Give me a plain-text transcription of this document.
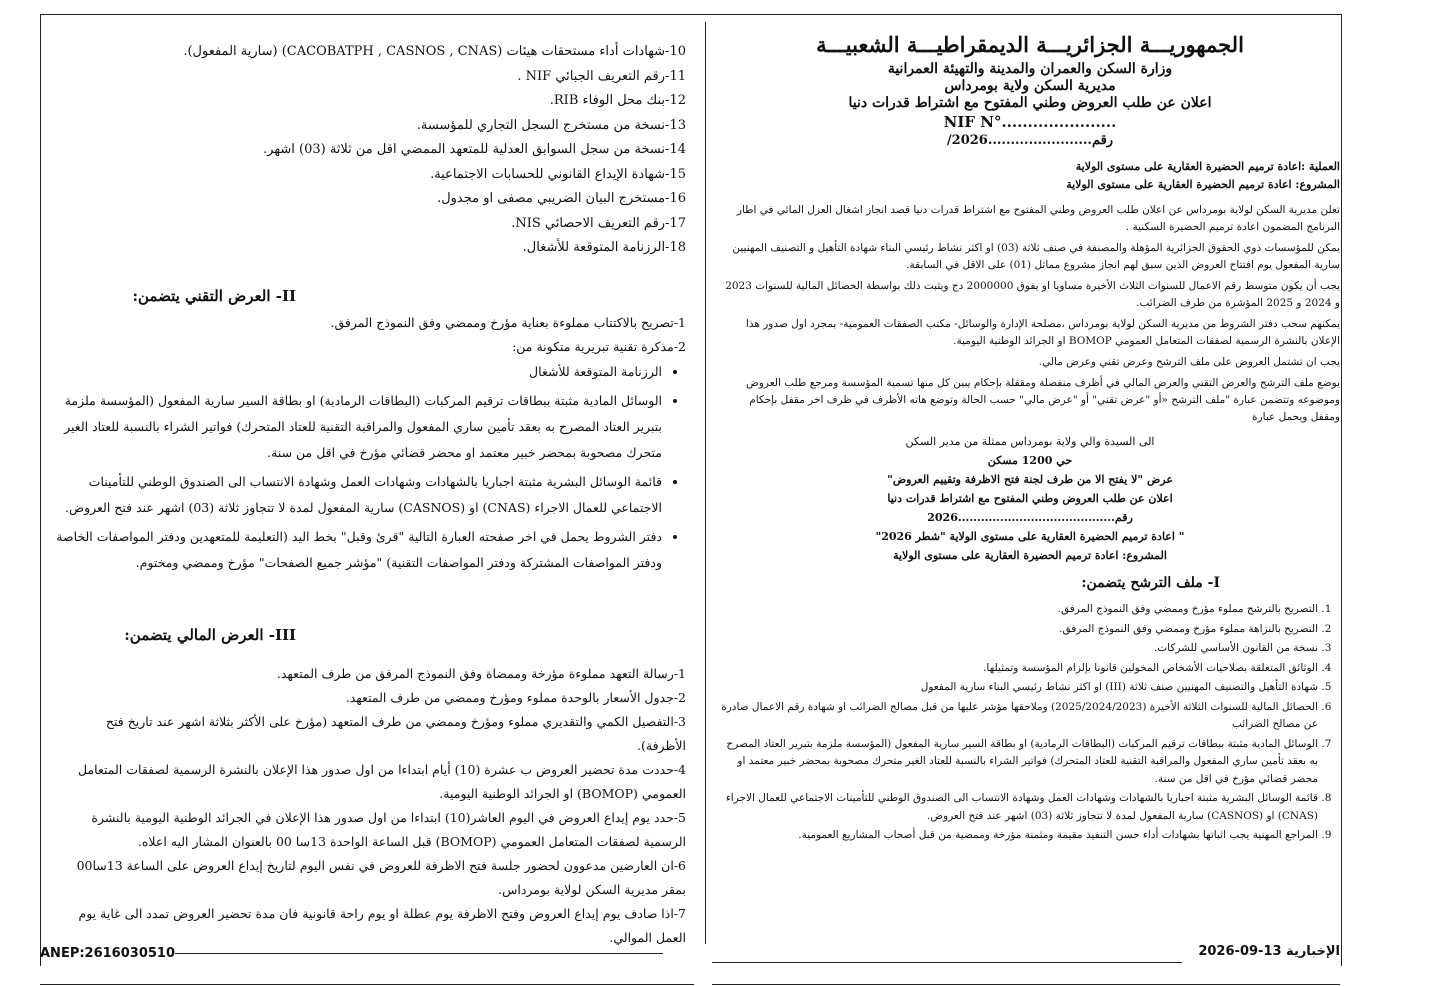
الجمهوريـــة الجزائريـــة الديمقراطيـــة الشعبيـــة
وزارة السكن والعمران والمدينة والتهيئة العمرانية
مديرية السكن ولاية بومرداس
اعلان عن طلب العروض وطني المفتوح مع اشتراط قدرات دنيا
NIF N°......................
رقم.......................2026/
العملية :اعادة ترميم الحضيرة العقارية على مستوى الولاية
المشروع: اعادة ترميم الحضيرة العقارية على مستوى الولاية

تعلن مديرية السكن لولاية بومرداس عن اعلان طلب العروض وطني المفتوح مع اشتراط قدرات دنيا قصد انجاز اشغال العزل المائي في اطار البرنامج المضمون اعادة ترميم الحضيرة السكنية .

يمكن للمؤسسات ذوي الحقوق الجزائرية المؤهلة والمصنفة في صنف ثلاثة (03) او اكثر نشاط رئيسي البناء شهادة التأهيل و التصنيف المهنيين سارية المفعول يوم افتتاح العروض الذين سبق لهم انجاز مشروع مماثل (01) على الاقل في السابقة.

يجب أن يكون متوسط رقم الاعمال للسنوات الثلاث الأخيرة مساويا او يفوق 2000000 دج ويثبت ذلك بواسطة الحصائل المالية للسنوات 2023 و 2024 و 2025 المؤشرة من طرف الضرائب.

يمكنهم سحب دفتر الشروط من مديرية السكن لولاية بومرداس ،مصلحة الإدارة والوسائل- مكتب الصفقات العمومية- بمجرد اول صدور هذا الإعلان بالنشرة الرسمية لصفقات المتعامل العمومي BOMOP او الجرائد الوطنية اليومية.

يجب ان تشتمل العروض على ملف الترشح وعرض تقني وعرض مالي.

يوضع ملف الترشح والعرض التقني والعرض المالي في أظرف منفصلة ومقفلة بإحكام يبين كل منها تسمية المؤسسة ومرجع طلب العروض وموضوعه وتتضمن عبارة "ملف الترشح «أو "عرض تقني" أو "عرض مالي" حسب الحالة وتوضع هاته الأظرف في ظرف اخر مقفل بإحكام ومقفل ويحمل عبارة

الى السيدة والي ولاية بومرداس ممثلة من مدير السكن

حي 1200 مسكن

عرض "لا يفتح الا من طرف لجنة فتح الاظرفة وتقييم العروض"

اعلان عن طلب العروض وطني المفتوح مع اشتراط قدرات دنيا

رقم.........................................2026

" اعادة ترميم الحضيرة العقارية على مستوى الولاية "شطر 2026"

المشروع: اعادة ترميم الحضيرة العقارية على مستوى الولاية

I- ملف الترشح يتضمن:
1. التصريح بالترشح مملوء مؤرخ وممضي وفق النموذج المرفق.
2. التصريح بالنزاهة مملوء مؤرخ وممضي وفق النموذج المرفق.
3. نسخة من القانون الأساسي للشركات.
4. الوثائق المتعلقة بصلاحيات الأشخاص المخولين قانونا بإلزام المؤسسة وتمثيلها.
5. شهادة التأهيل والتصنيف المهنيين صنف ثلاثة (III) او اكثر نشاط رئيسي البناء سارية المفعول
6. الحصائل المالية للسنوات الثلاثة الأخيرة (2025/2024/2023) وملاحقها مؤشر عليها من قبل مصالح الضرائب او شهادة رقم الاعمال صادرة عن مصالح الضرائب
7. الوسائل المادية مثبتة ببطاقات ترقيم المركبات (البطاقات الرمادية) او بطاقة السير سارية المفعول (المؤسسة ملزمة بتبرير العتاد المصرح به بعقد تأمين ساري المفعول والمراقبة التقنية للعتاد المتحرك) فواتير الشراء بالنسبة للعتاد الغير متحرك مصحوبة بمحضر خبير معتمد او محضر قضائي مؤرخ في اقل من سنة.
8. قائمة الوسائل البشرية مثبتة اجباريا بالشهادات وشهادات العمل وشهادة الانتساب الى الصندوق الوطني للتأمينات الاجتماعي للعمال الاجراء (CNAS) او (CASNOS) سارية المفعول لمدة لا تتجاوز ثلاثة (03) اشهر عند فتح العروض.
9. المراجع المهنية يجب اثباتها بشهادات أداء حسن التنفيذ مقيمة ومثمنة مؤرخة وممضية من قبل أصحاب المشاريع العمومية.

10-شهادات أداء مستحقات هيئات (CACOBATPH , CASNOS , CNAS) (سارية المفعول).

11-رقم التعريف الجبائي NIF .

12-بنك محل الوفاء RIB.

13-نسخة من مستخرج السجل التجاري للمؤسسة.

14-نسخة من سجل السوابق العدلية للمتعهد الممضي اقل من ثلاثة (03) اشهر.

15-شهادة الإيداع القانوني للحسابات الاجتماعية.

16-مستخرج البيان الضريبي مصفى او مجدول.

17-رقم التعريف الاحصائي NIS.

18-الرزنامة المتوقعة للأشغال.

II- العرض التقني يتضمن:

1-تصريح بالاكتتاب مملوءة بعناية مؤرخ وممضي وفق النموذج المرفق.

2-مذكرة تقنية تبريرية متكونة من:

• الرزنامة المتوقعة للأشغال
• الوسائل المادية مثبتة ببطاقات ترقيم المركبات (البطاقات الرمادية) او بطاقة السير سارية المفعول (المؤسسة ملزمة بتبرير العتاد المصرح به بعقد تأمين ساري المفعول والمراقبة التقنية للعتاد المتحرك) فواتير الشراء بالنسبة للعتاد الغير متحرك مصحوبة بمحضر خبير معتمد او محضر قضائي مؤرخ في اقل من سنة.
• قائمة الوسائل البشرية مثبتة اجباريا بالشهادات وشهادات العمل وشهادة الانتساب الى الصندوق الوطني للتأمينات الاجتماعي للعمال الاجراء (CNAS) او (CASNOS) سارية المفعول لمدة لا تتجاوز ثلاثة (03) اشهر عند فتح العروض.
• دفتر الشروط يحمل في اخر صفحته العبارة التالية "قرئ وقبل" بخط اليد (التعليمة للمتعهدين ودفتر المواصفات الخاصة ودفتر المواصفات المشتركة ودفتر المواصفات التقنية) "مؤشر جميع الصفحات" مؤرخ وممضي ومختوم.
III- العرض المالي يتضمن:

1-رسالة التعهد مملوءة مؤرخة وممضاة وفق النموذج المرفق من طرف المتعهد.

2-جدول الأسعار بالوحدة مملوء ومؤرخ وممضي من طرف المتعهد.

3-التفصيل الكمي والتقديري مملوء ومؤرخ وممضي من طرف المتعهد (مؤرخ على الأكثر بثلاثة اشهر عند تاريخ فتح الأظرفة).

4-حددت مدة تحضير العروض ب عشرة (10) أيام ابتداءا من اول صدور هذا الإعلان بالنشرة الرسمية لصفقات المتعامل العمومي (BOMOP) او الجرائد الوطنية اليومية.

5-حدد يوم إيداع العروض في اليوم العاشر(10) ابتداءا من اول صدور هذا الإعلان في الجرائد الوطنية اليومية بالنشرة الرسمية لصفقات المتعامل العمومي (BOMOP) قبل الساعة الواحدة 13سا 00 بالعنوان المشار اليه اعلاه.

6-ان العارضين مدعوون لحضور جلسة فتح الاظرفة للعروض في نفس اليوم لتاريخ إيداع العروض على الساعة 13سا00 بمقر مديرية السكن لولاية بومرداس.

7-اذا صادف يوم إيداع العروض وفتح الاظرفة يوم عطلة او يوم راحة قانونية فان مدة تحضير العروض تمدد الى غاية يوم العمل الموالي.

ANEP:2616030510	الإخبارية 13-09-2026
